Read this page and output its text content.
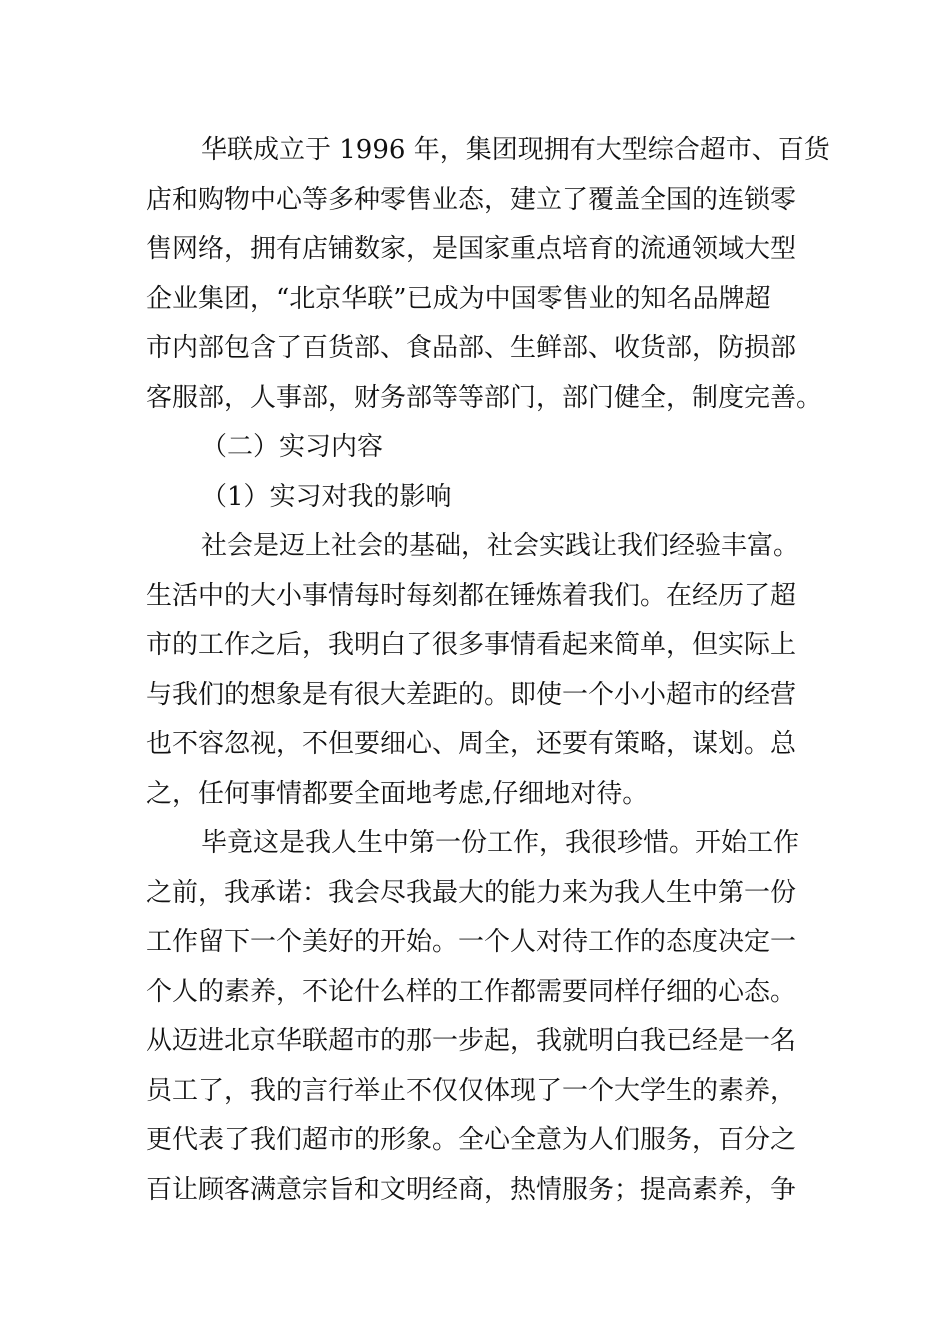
华联成立于 1996 年，集团现拥有大型综合超市、百货
店和购物中心等多种零售业态，建立了覆盖全国的连锁零
售网络，拥有店铺数家，是国家重点培育的流通领域大型
企业集团，“北京华联”已成为中国零售业的知名品牌超
市内部包含了百货部、食品部、生鲜部、收货部，防损部
客服部，人事部，财务部等等部门，部门健全，制度完善。
（二）实习内容
（1）实习对我的影响
社会是迈上社会的基础，社会实践让我们经验丰富。
生活中的大小事情每时每刻都在锤炼着我们。在经历了超
市的工作之后，我明白了很多事情看起来简单，但实际上
与我们的想象是有很大差距的。即使一个小小超市的经营
也不容忽视，不但要细心、周全，还要有策略，谋划。总
之，任何事情都要全面地考虑,仔细地对待。
毕竟这是我人生中第一份工作，我很珍惜。开始工作
之前，我承诺：我会尽我最大的能力来为我人生中第一份
工作留下一个美好的开始。一个人对待工作的态度决定一
个人的素养，不论什么样的工作都需要同样仔细的心态。
从迈进北京华联超市的那一步起，我就明白我已经是一名
员工了，我的言行举止不仅仅体现了一个大学生的素养，
更代表了我们超市的形象。全心全意为人们服务，百分之
百让顾客满意宗旨和文明经商，热情服务；提高素养，争
